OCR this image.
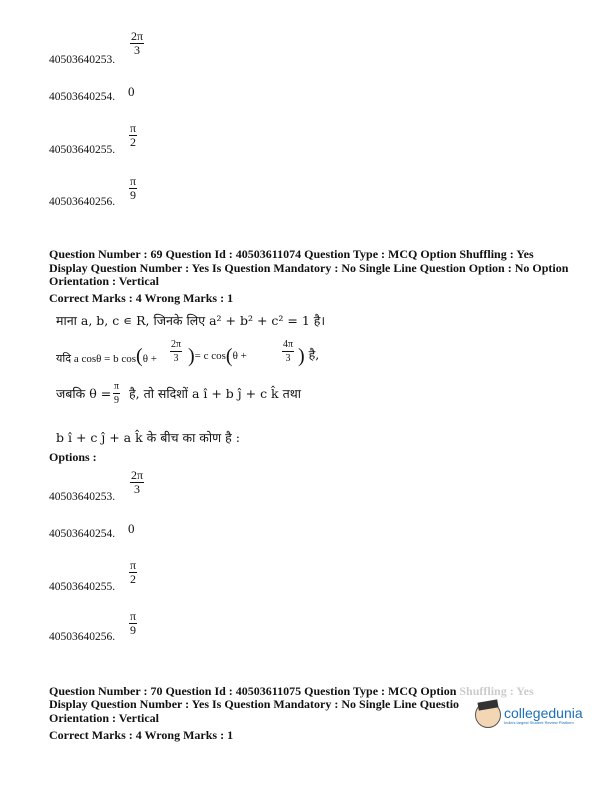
$\frac{2\pi}{3}$
40503640253.
0
40503640254.
$\frac{\pi}{2}$
40503640255.
$\frac{\pi}{9}$
40503640256.
Question Number : 69 Question Id : 40503611074 Question Type : MCQ Option Shuffling : Yes
Display Question Number : Yes Is Question Mandatory : No Single Line Question Option : No Option
Orientation : Vertical
Correct Marks : 4 Wrong Marks : 1
माना a, b, c ∊ R, जिनके लिए a² + b² + c² = 1 है।
यदि a cosθ = b $\cos(\theta + \frac{2\pi}{3}$ )= c cos(θ +	$\frac{4\pi}{3}$ ) है,
जबकि $\theta = \frac{\pi}{9}$ है, तो सदिशों a î + b ĵ + c k̂ तथा
b î + c ĵ + a k̂ के बीच का कोण है :
Options :
$\frac{2\pi}{3}$
40503640253.
0
40503640254.
$\frac{\pi}{2}$
40503640255.
$\frac{\pi}{9}$
40503640256.
Question Number : 70 Question Id : 40503611075 Question Type : MCQ Option Shuffling : Yes
Display Question Number : Yes Is Question Mandatory : No Single Line Questio
Orientation : Vertical
Correct Marks : 4 Wrong Marks : 1
collegedunia
India's largest Student Review Platform
